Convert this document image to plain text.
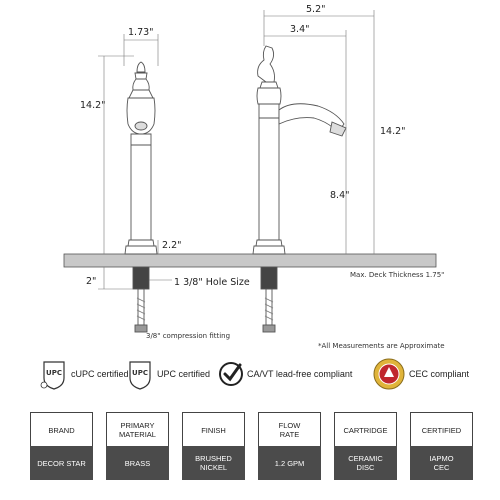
1.73"
5.2"
3.4"
14.2"
14.2"
8.4"
2.2"
2"	1 3/8" Hole Size
Max. Deck Thickness 1.75"
3/8" compression fitting
*All Measurements are Approximate
UPC cUPC certified UPC UPC certified	CA/VT lead-free compliant	CEC compliant
BRAND
DECOR STAR
PRIMARY
MATERIAL
BRASS
FINISH
BRUSHED
NICKEL
FLOW
RATE
1.2 GPM
CARTRIDGE
CERAMIC
DISC
CERTIFIED
IAPMO
CEC
